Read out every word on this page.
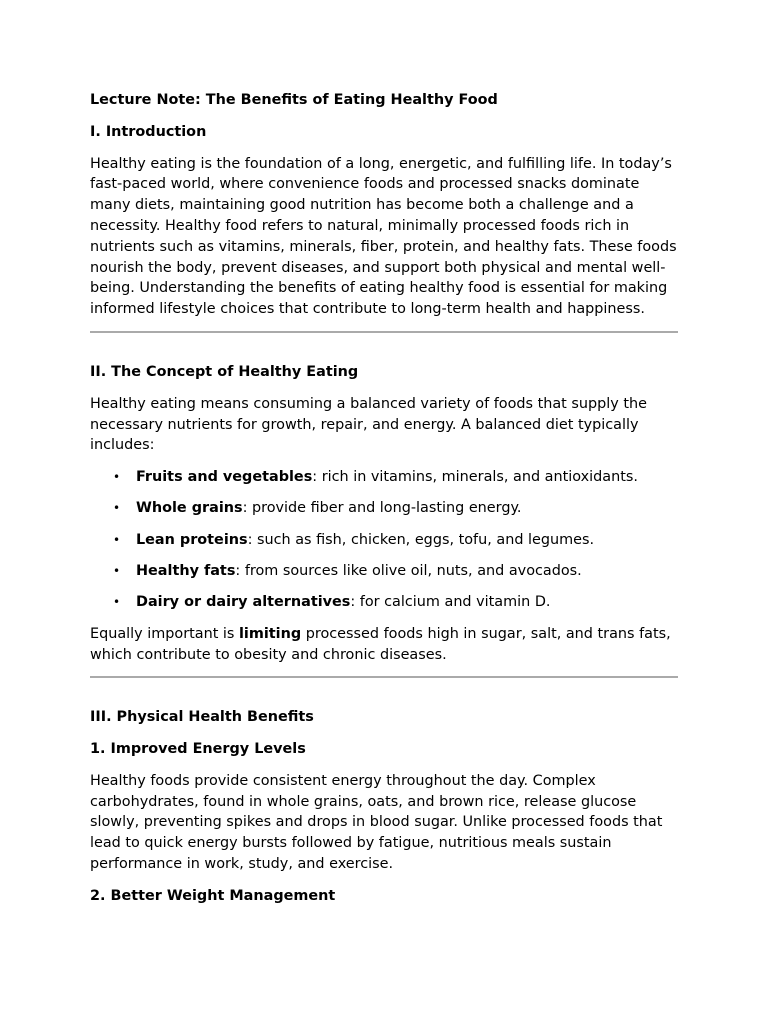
Lecture Note: The Benefits of Eating Healthy Food

I. Introduction

Healthy eating is the foundation of a long, energetic, and fulfilling life. In today’s fast-paced world, where convenience foods and processed snacks dominate many diets, maintaining good nutrition has become both a challenge and a necessity. Healthy food refers to natural, minimally processed foods rich in nutrients such as vitamins, minerals, fiber, protein, and healthy fats. These foods nourish the body, prevent diseases, and support both physical and mental well-being. Understanding the benefits of eating healthy food is essential for making informed lifestyle choices that contribute to long-term health and happiness.

II. The Concept of Healthy Eating

Healthy eating means consuming a balanced variety of foods that supply the necessary nutrients for growth, repair, and energy. A balanced diet typically includes:

• Fruits and vegetables: rich in vitamins, minerals, and antioxidants.
• Whole grains: provide fiber and long-lasting energy.
• Lean proteins: such as fish, chicken, eggs, tofu, and legumes.
• Healthy fats: from sources like olive oil, nuts, and avocados.
• Dairy or dairy alternatives: for calcium and vitamin D.

Equally important is limiting processed foods high in sugar, salt, and trans fats, which contribute to obesity and chronic diseases.

III. Physical Health Benefits

1. Improved Energy Levels

Healthy foods provide consistent energy throughout the day. Complex carbohydrates, found in whole grains, oats, and brown rice, release glucose slowly, preventing spikes and drops in blood sugar. Unlike processed foods that lead to quick energy bursts followed by fatigue, nutritious meals sustain performance in work, study, and exercise.

2. Better Weight Management
